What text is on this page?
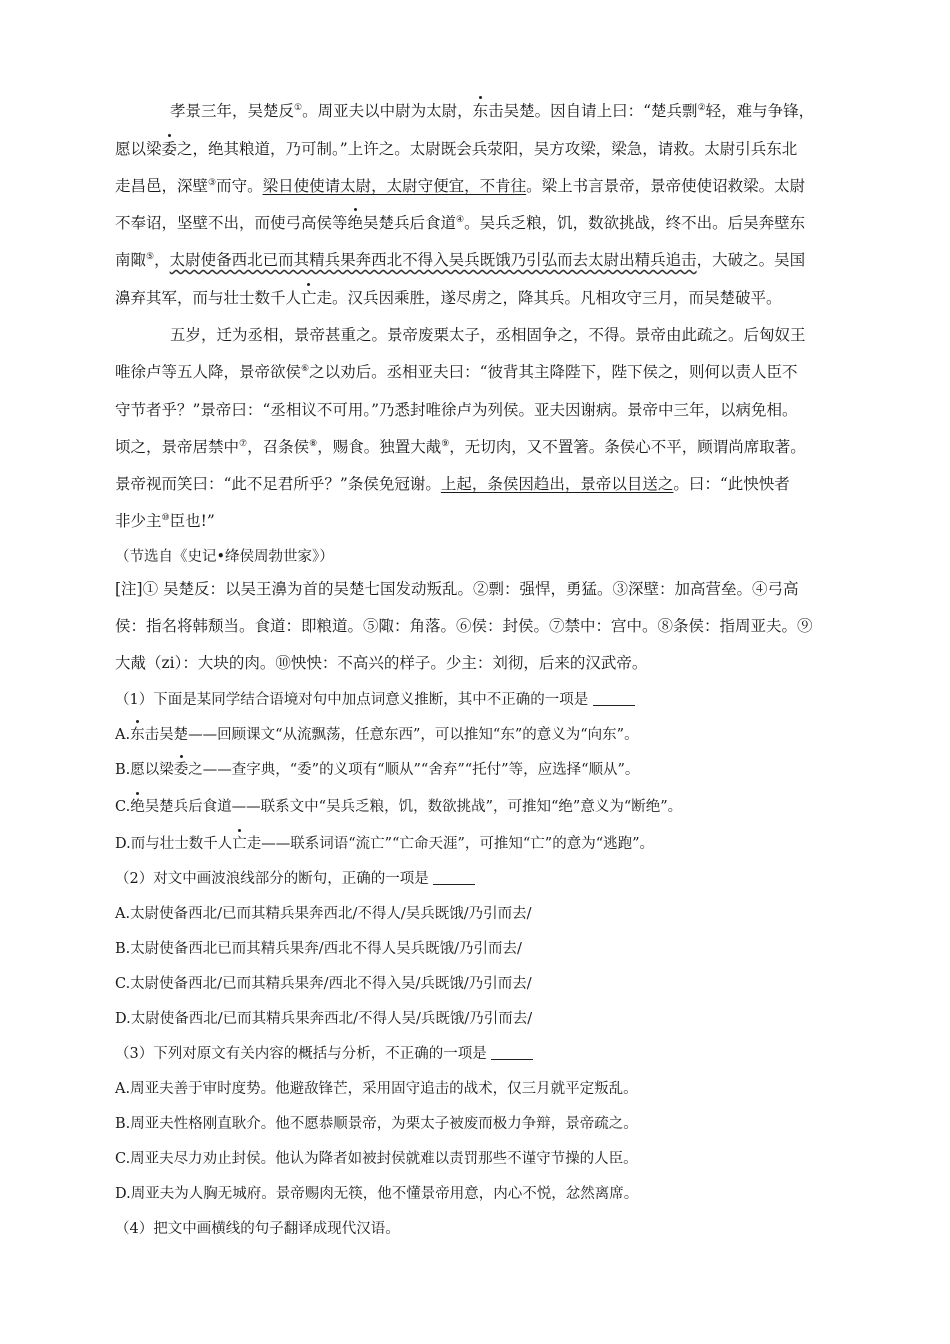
孝景三年，吴楚反①。周亚夫以中尉为太尉，东击吴楚。因自请上曰：“楚兵剽②轻，难与争锋，
愿以梁委之，绝其粮道，乃可制。”上许之。太尉既会兵荥阳，吴方攻梁，梁急，请救。太尉引兵东北
走昌邑，深壁③而守。梁日使使请太尉，太尉守便宜，不肯往。梁上书言景帝，景帝使使诏救梁。太尉
不奉诏，坚壁不出，而使弓高侯等绝吴楚兵后食道④。吴兵乏粮，饥，数欲挑战，终不出。后吴奔壁东
南陬⑤，太尉使备西北已而其精兵果奔西北不得入吴兵既饿乃引弘而去太尉出精兵追击，大破之。吴国
濞弃其军，而与壮士数千人亡走。汉兵因乘胜，遂尽虏之，降其兵。凡相攻守三月，而吴楚破平。
五岁，迁为丞相，景帝甚重之。景帝废栗太子，丞相固争之，不得。景帝由此疏之。后匈奴王
唯徐卢等五人降，景帝欲侯⑥之以劝后。丞相亚夫曰：“彼背其主降陛下，陛下侯之，则何以责人臣不
守节者乎？”景帝曰：“丞相议不可用。”乃悉封唯徐卢为列侯。亚夫因谢病。景帝中三年，以病免相。
顷之，景帝居禁中⑦，召条侯⑧，赐食。独置大胾⑨，无切肉，又不置箸。条侯心不平，顾谓尚席取著。
景帝视而笑曰：“此不足君所乎？”条侯免冠谢。上起，条侯因趋出，景帝以目送之。曰：“此怏怏者
非少主⑩臣也!”
（节选自《史记•绛侯周勃世家》）
[注]① 吴楚反：以吴王濞为首的吴楚七国发动叛乱。②剽：强悍，勇猛。③深壁：加高营垒。④弓高
侯：指名将韩颓当。食道：即粮道。⑤陬：角落。⑥侯：封侯。⑦禁中：宫中。⑧条侯：指周亚夫。⑨
大胾（zi）：大块的肉。⑩怏怏：不高兴的样子。少主：刘彻，后来的汉武帝。
（1）下面是某同学结合语境对句中加点词意义推断，其中不正确的一项是
A.东击吴楚——回顾课文“从流飘荡，任意东西”，可以推知“东”的意义为“向东”。
B.愿以梁委之——查字典，“委”的义项有“顺从”“舍弃”“托付”等，应选择“顺从”。
C.绝吴楚兵后食道——联系文中“吴兵乏粮，饥，数欲挑战”，可推知“绝”意义为“断绝”。
D.而与壮士数千人亡走——联系词语“流亡”“亡命天涯”，可推知“亡”的意为“逃跑”。
（2）对文中画波浪线部分的断句，正确的一项是
A.太尉使备西北/已而其精兵果奔西北/不得人/吴兵既饿/乃引而去/
B.太尉使备西北已而其精兵果奔/西北不得人吴兵既饿/乃引而去/
C.太尉使备西北/已而其精兵果奔/西北不得入吴/兵既饿/乃引而去/
D.太尉使备西北/已而其精兵果奔西北/不得人吴/兵既饿/乃引而去/
（3）下列对原文有关内容的概括与分析，不正确的一项是
A.周亚夫善于审时度势。他避敌锋芒，采用固守追击的战术，仅三月就平定叛乱。
B.周亚夫性格刚直耿介。他不愿恭顺景帝，为栗太子被废而极力争辩，景帝疏之。
C.周亚夫尽力劝止封侯。他认为降者如被封侯就难以责罚那些不谨守节操的人臣。
D.周亚夫为人胸无城府。景帝赐肉无筷，他不懂景帝用意，内心不悦，忿然离席。
（4）把文中画横线的句子翻译成现代汉语。
